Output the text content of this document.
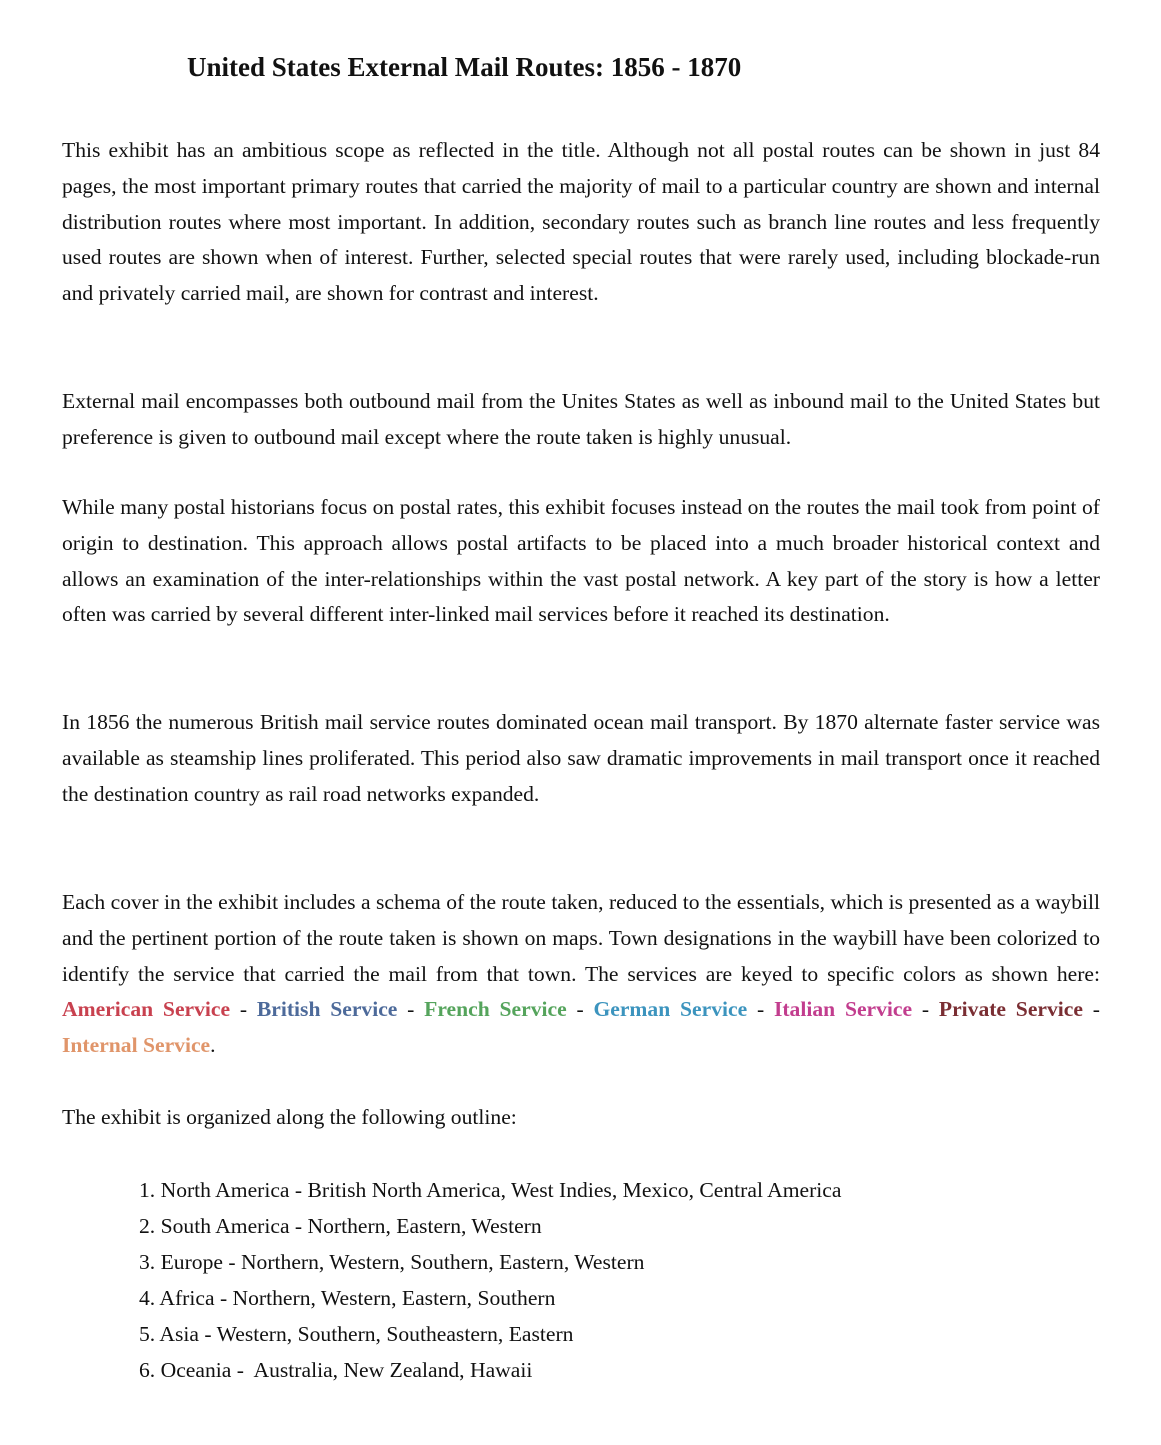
United States External Mail Routes: 1856 - 1870

This exhibit has an ambitious scope as reflected in the title. Although not all postal routes can be shown in just 84 pages, the most important primary routes that carried the majority of mail to a particular country are shown and internal distribution routes where most important. In addition, secondary routes such as branch line routes and less frequently used routes are shown when of interest. Further, selected special routes that were rarely used, including blockade-run and privately carried mail, are shown for contrast and interest.

External mail encompasses both outbound mail from the Unites States as well as inbound mail to the United States but preference is given to outbound mail except where the route taken is highly unusual.

While many postal historians focus on postal rates, this exhibit focuses instead on the routes the mail took from point of origin to destination. This approach allows postal artifacts to be placed into a much broader historical context and allows an examination of the inter-relationships within the vast postal network. A key part of the story is how a letter often was carried by several different inter-linked mail services before it reached its destination.

In 1856 the numerous British mail service routes dominated ocean mail transport. By 1870 alternate faster service was available as steamship lines proliferated. This period also saw dramatic improvements in mail transport once it reached the destination country as rail road networks expanded.

Each cover in the exhibit includes a schema of the route taken, reduced to the essentials, which is presented as a waybill and the pertinent portion of the route taken is shown on maps. Town designations in the waybill have been colorized to identify the service that carried the mail from that town. The services are keyed to specific colors as shown here: American Service - British Service - French Service - German Service - Italian Service - Private Service - Internal Service.

The exhibit is organized along the following outline:

1. North America - British North America, West Indies, Mexico, Central America
2. South America - Northern, Eastern, Western
3. Europe - Northern, Western, Southern, Eastern, Western
4. Africa - Northern, Western, Eastern, Southern
5. Asia - Western, Southern, Southeastern, Eastern
6. Oceania -  Australia, New Zealand, Hawaii
